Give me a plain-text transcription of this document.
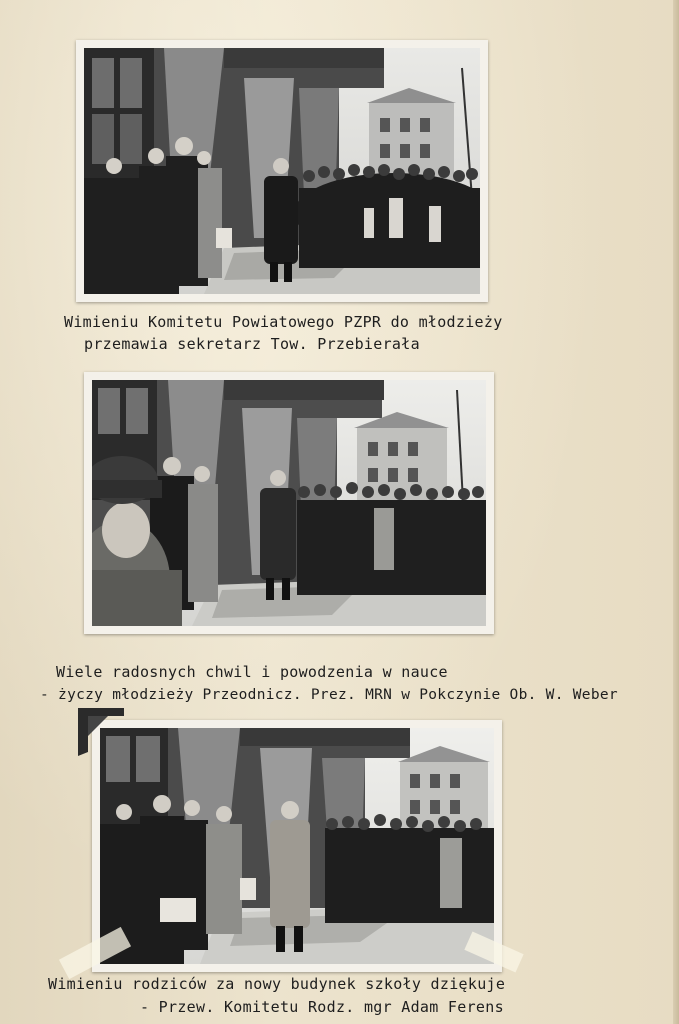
Wimieniu Komitetu Powiatowego PZPR do młodzieży

przemawia sekretarz Tow. Przebierała

Wiele radosnych chwil i powodzenia w nauce

- życzy młodzieży Przeodnicz. Prez. MRN w Pokczynie Ob. W. Weber

Wimieniu rodziców za nowy budynek szkoły dziękuje

- Przew. Komitetu Rodz. mgr Adam Ferens
